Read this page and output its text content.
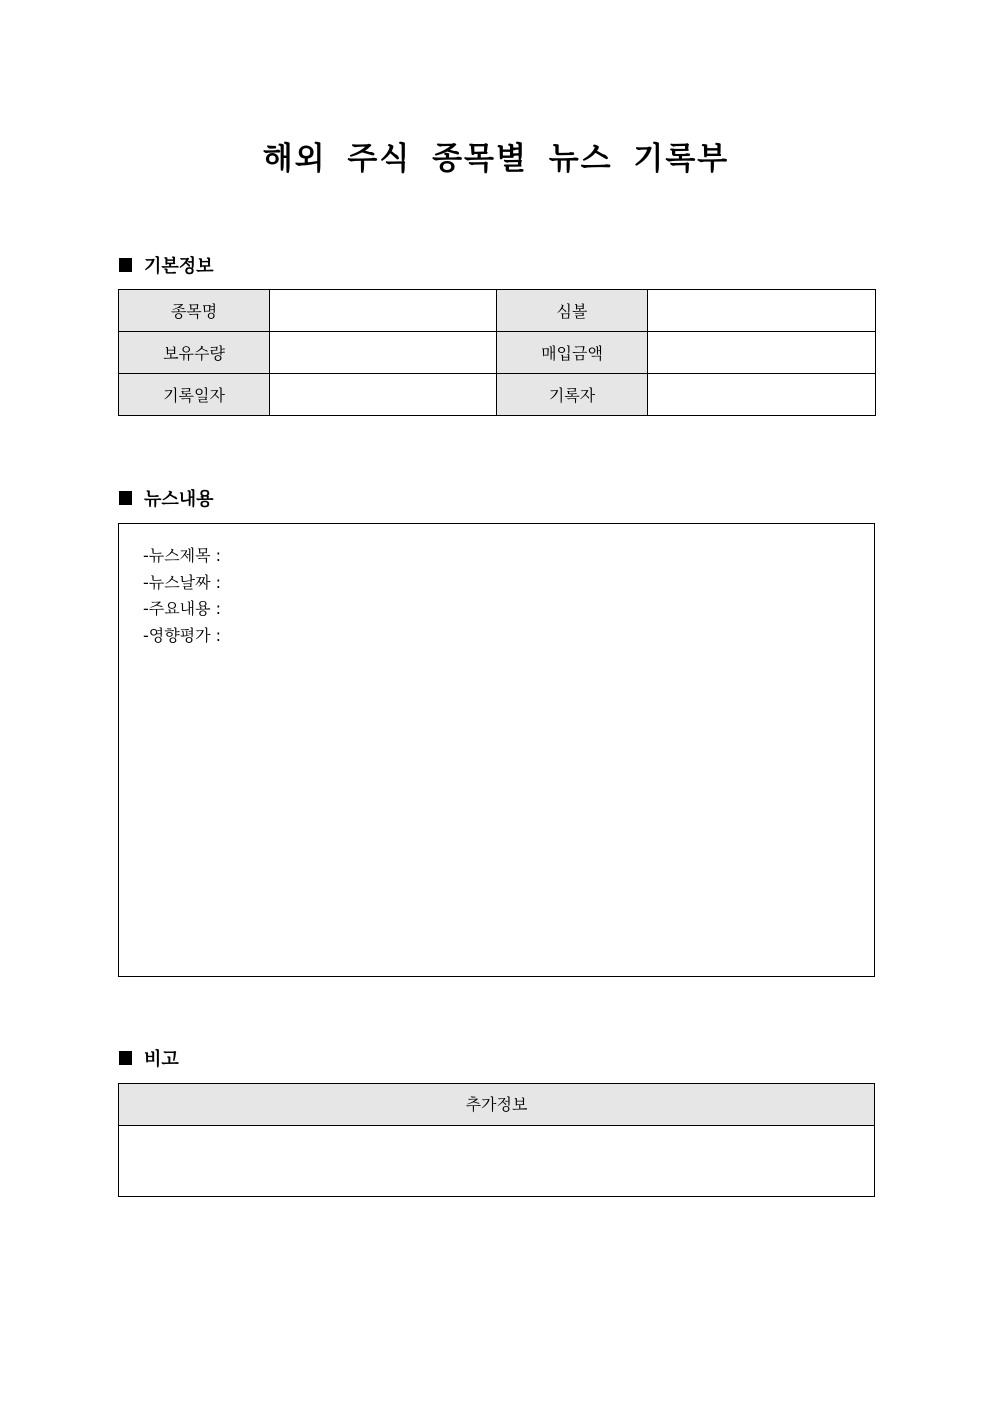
해외 주식 종목별 뉴스 기록부
기본정보
종목명		심볼	
보유수량		매입금액	
기록일자		기록자	
뉴스내용
-뉴스제목 :
-뉴스날짜 :
-주요내용 :
-영향평가 :
비고
추가정보
